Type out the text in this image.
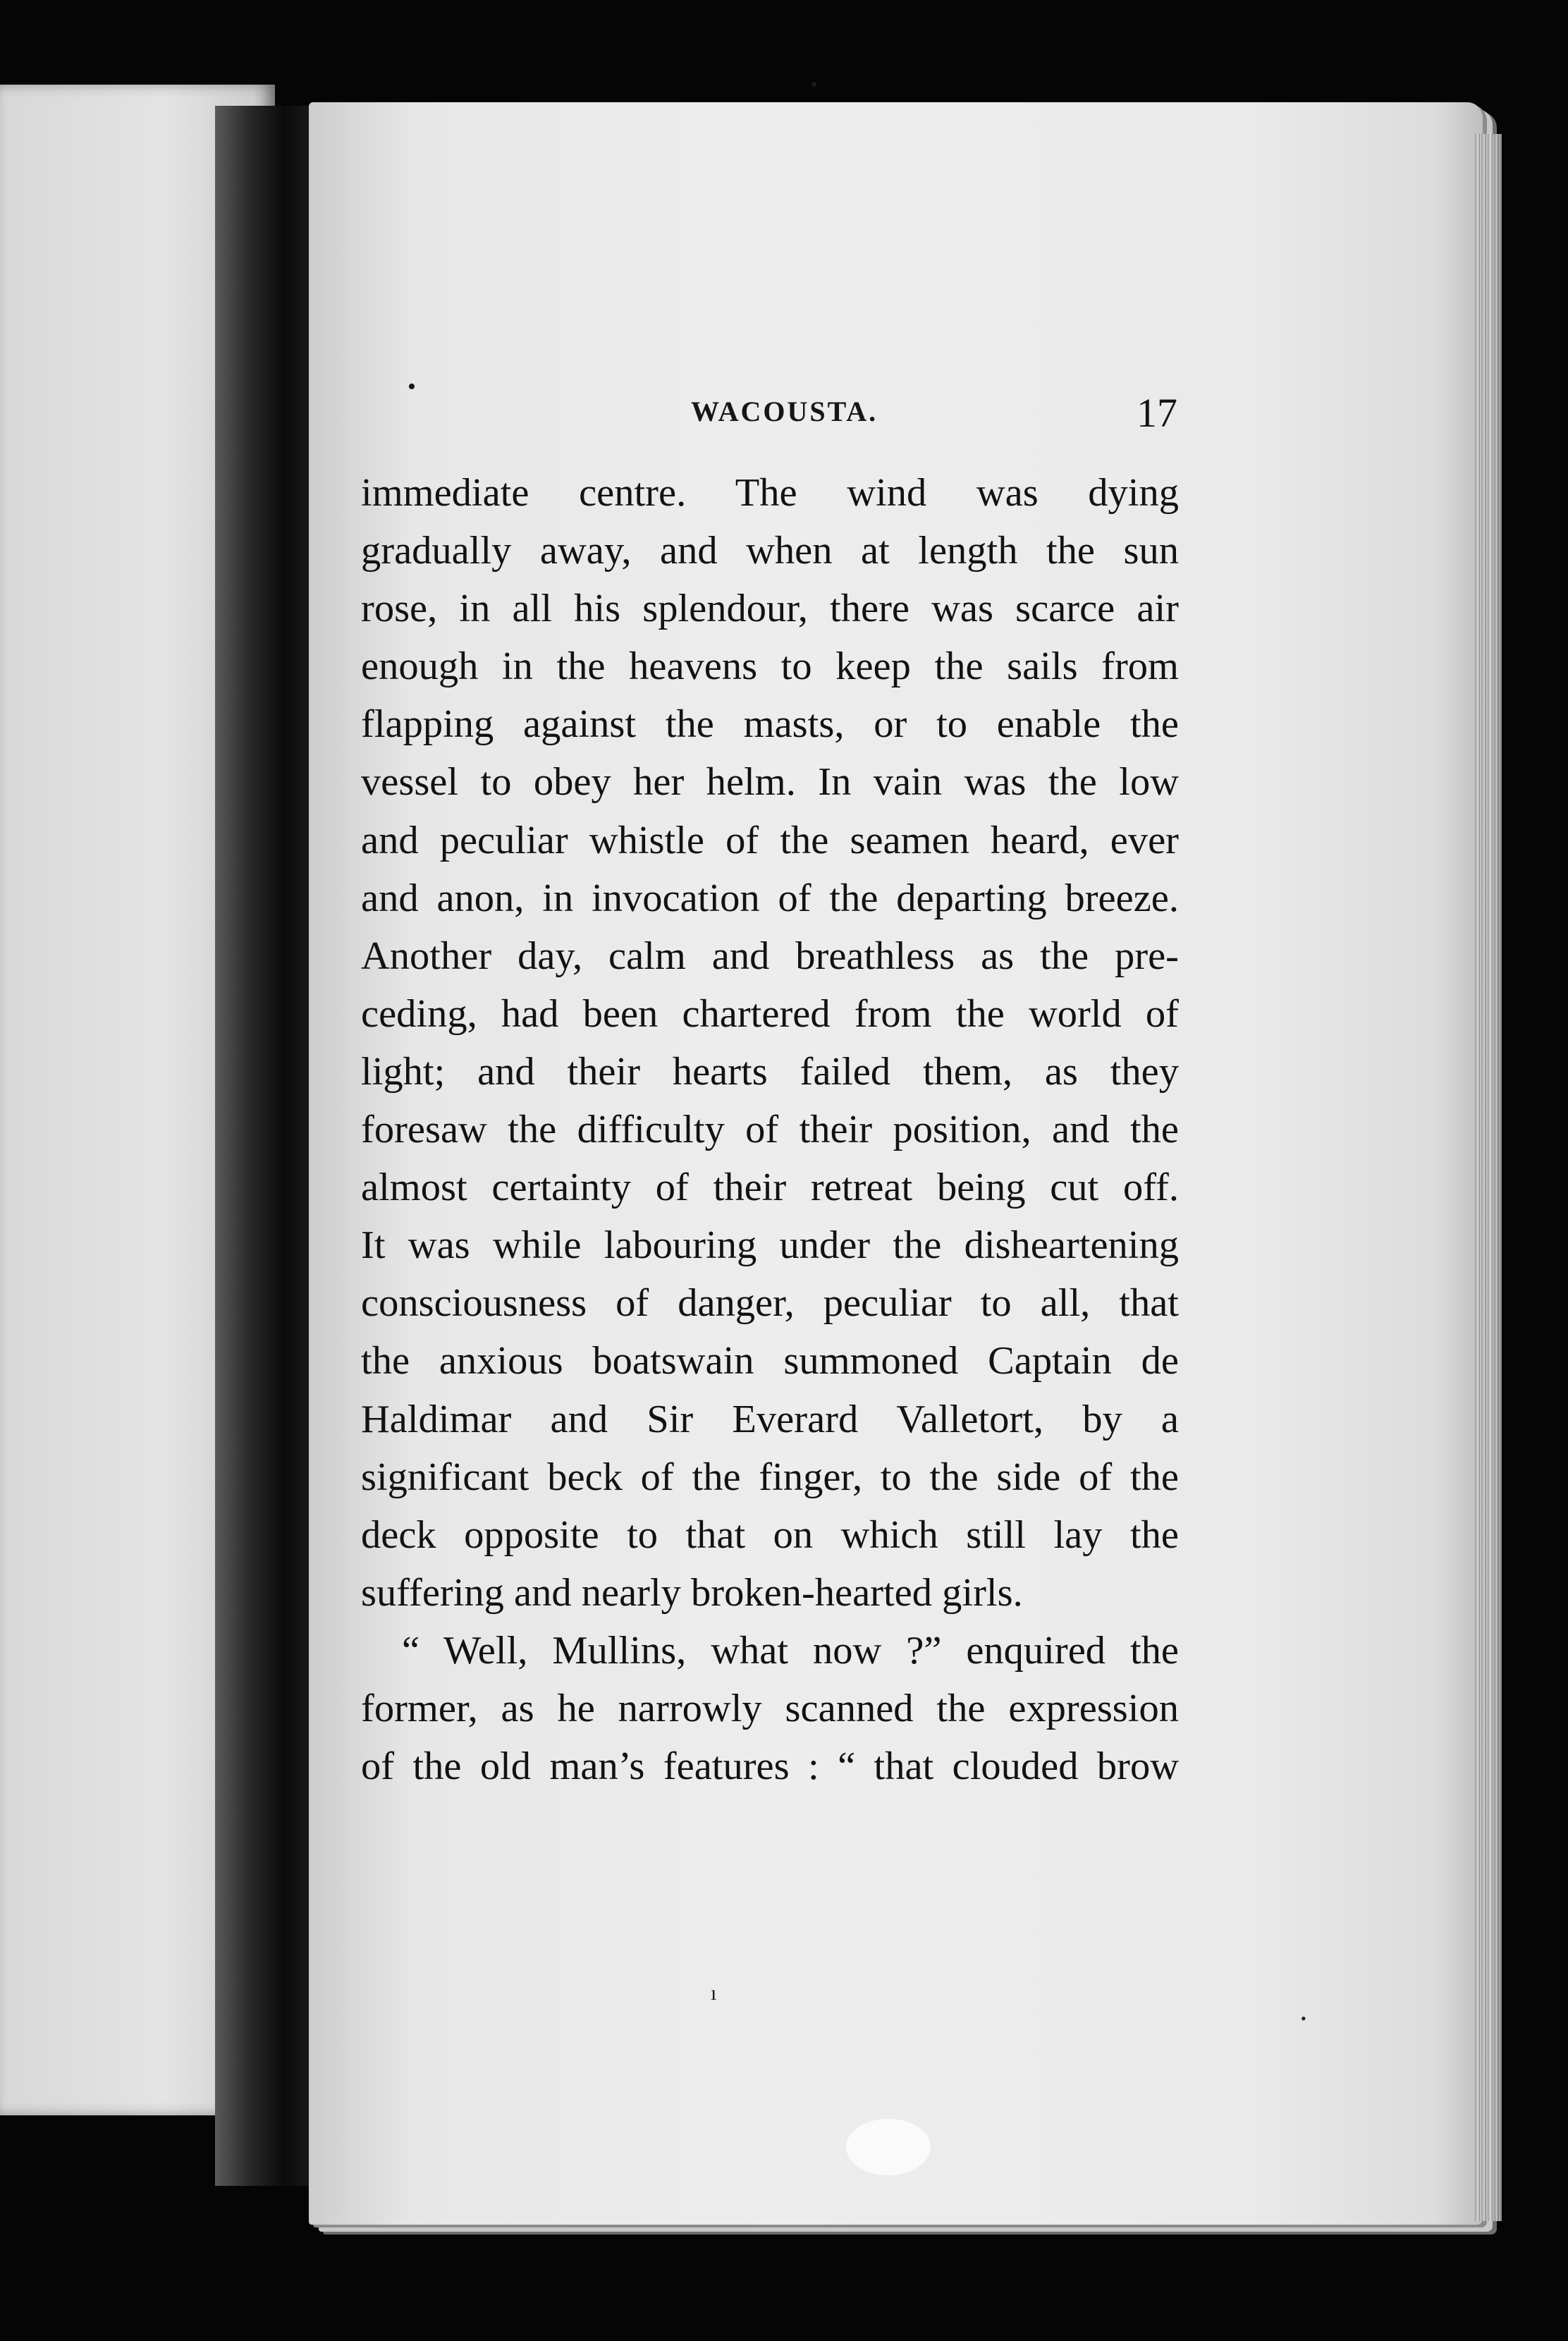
•
•
ı
•
WACOUSTA.	17
immediate centre. The wind was dying
gradually away, and when at length the sun
rose, in all his splendour, there was scarce air
enough in the heavens to keep the sails from
flapping against the masts, or to enable the
vessel to obey her helm. In vain was the low
and peculiar whistle of the seamen heard, ever
and anon, in invocation of the departing breeze.
Another day, calm and breathless as the pre-
ceding, had been chartered from the world of
light; and their hearts failed them, as they
foresaw the difficulty of their position, and the
almost certainty of their retreat being cut off.
It was while labouring under the disheartening
consciousness of danger, peculiar to all, that
the anxious boatswain summoned Captain de
Haldimar and Sir Everard Valletort, by a
significant beck of the finger, to the side of the
deck opposite to that on which still lay the
suffering and nearly broken-hearted girls.
“ Well, Mullins, what now ?” enquired the
former, as he narrowly scanned the expression
of the old man’s features : “ that clouded brow
